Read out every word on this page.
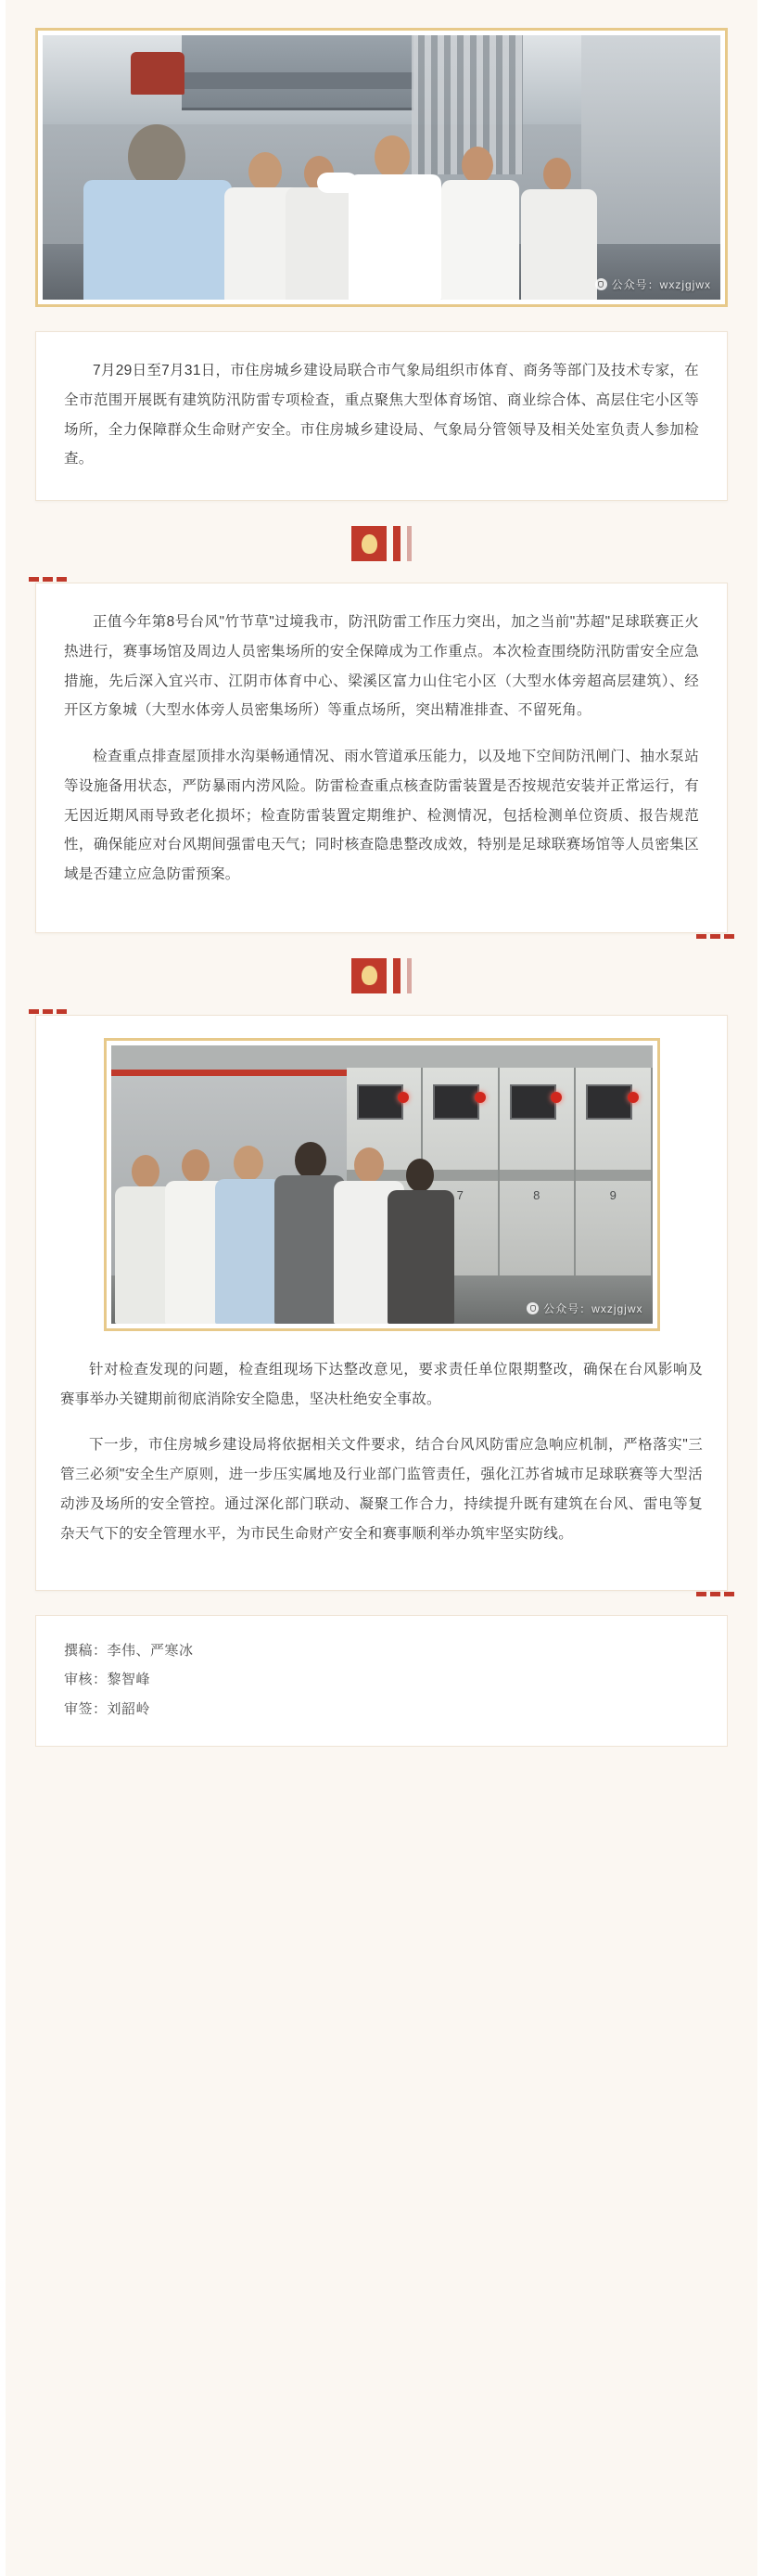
公众号：wxzjgjwx

7月29日至7月31日，市住房城乡建设局联合市气象局组织市体育、商务等部门及技术专家，在全市范围开展既有建筑防汛防雷专项检查，重点聚焦大型体育场馆、商业综合体、高层住宅小区等场所，全力保障群众生命财产安全。市住房城乡建设局、气象局分管领导及相关处室负责人参加检查。

正值今年第8号台风"竹节草"过境我市，防汛防雷工作压力突出，加之当前"苏超"足球联赛正火热进行，赛事场馆及周边人员密集场所的安全保障成为工作重点。本次检查围绕防汛防雷安全应急措施，先后深入宜兴市、江阴市体育中心、梁溪区富力山住宅小区（大型水体旁超高层建筑）、经开区方象城（大型水体旁人员密集场所）等重点场所，突出精准排查、不留死角。

检查重点排查屋顶排水沟渠畅通情况、雨水管道承压能力，以及地下空间防汛闸门、抽水泵站等设施备用状态，严防暴雨内涝风险。防雷检查重点核查防雷装置是否按规范安装并正常运行，有无因近期风雨导致老化损坏；检查防雷装置定期维护、检测情况，包括检测单位资质、报告规范性，确保能应对台风期间强雷电天气；同时核查隐患整改成效，特别是足球联赛场馆等人员密集区域是否建立应急防雷预案。

7	8	9
公众号：wxzjgjwx

针对检查发现的问题，检查组现场下达整改意见，要求责任单位限期整改，确保在台风影响及赛事举办关键期前彻底消除安全隐患，坚决杜绝安全事故。

下一步，市住房城乡建设局将依据相关文件要求，结合台风风防雷应急响应机制，严格落实"三管三必须"安全生产原则，进一步压实属地及行业部门监管责任，强化江苏省城市足球联赛等大型活动涉及场所的安全管控。通过深化部门联动、凝聚工作合力，持续提升既有建筑在台风、雷电等复杂天气下的安全管理水平，为市民生命财产安全和赛事顺利举办筑牢坚实防线。

撰稿：李伟、严寒冰
审核：黎智峰
审签：刘韶岭
